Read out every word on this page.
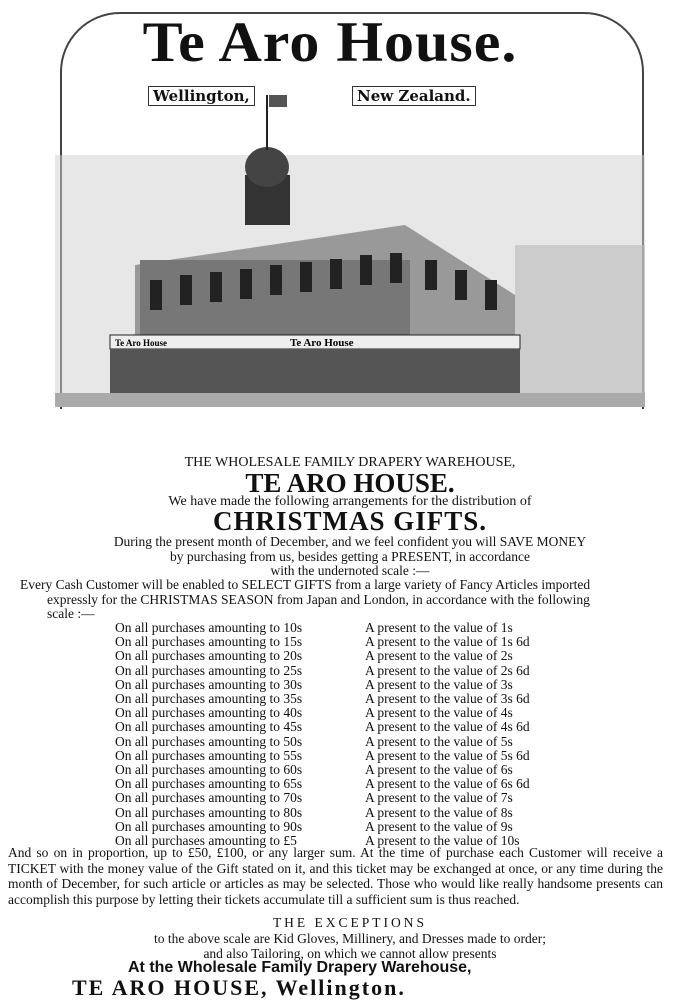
Te Aro House.
Wellington,	New Zealand.
Te Aro House	Te Aro House
THE WHOLESALE FAMILY DRAPERY WAREHOUSE,
TE ARO HOUSE.
We have made the following arrangements for the distribution of
CHRISTMAS GIFTS.
During the present month of December, and we feel confident you will SAVE MONEY
by purchasing from us, besides getting a PRESENT, in accordance
with the undernoted scale :—
Every Cash Customer will be enabled to SELECT GIFTS from a large variety of Fancy Articles imported
expressly for the CHRISTMAS SEASON from Japan and London, in accordance with the following
scale :—
On all purchases amounting to 10s	A present to the value of 1s
On all purchases amounting to 15s	A present to the value of 1s 6d
On all purchases amounting to 20s	A present to the value of 2s
On all purchases amounting to 25s	A present to the value of 2s 6d
On all purchases amounting to 30s	A present to the value of 3s
On all purchases amounting to 35s	A present to the value of 3s 6d
On all purchases amounting to 40s	A present to the value of 4s
On all purchases amounting to 45s	A present to the value of 4s 6d
On all purchases amounting to 50s	A present to the value of 5s
On all purchases amounting to 55s	A present to the value of 5s 6d
On all purchases amounting to 60s	A present to the value of 6s
On all purchases amounting to 65s	A present to the value of 6s 6d
On all purchases amounting to 70s	A present to the value of 7s
On all purchases amounting to 80s	A present to the value of 8s
On all purchases amounting to 90s	A present to the value of 9s
On all purchases amounting to £5	A present to the value of 10s
And so on in proportion, up to £50, £100, or any larger sum. At the time of purchase each Customer will receive a TICKET with the money value of the Gift stated on it, and this ticket may be exchanged at once, or any time during the month of December, for such article or articles as may be selected. Those who would like really handsome presents can accomplish this purpose by letting their tickets accumulate till a sufficient sum is thus reached.
THE EXCEPTIONS
to the above scale are Kid Gloves, Millinery, and Dresses made to order;
and also Tailoring, on which we cannot allow presents
At the Wholesale Family Drapery Warehouse,
TE ARO HOUSE, Wellington.
